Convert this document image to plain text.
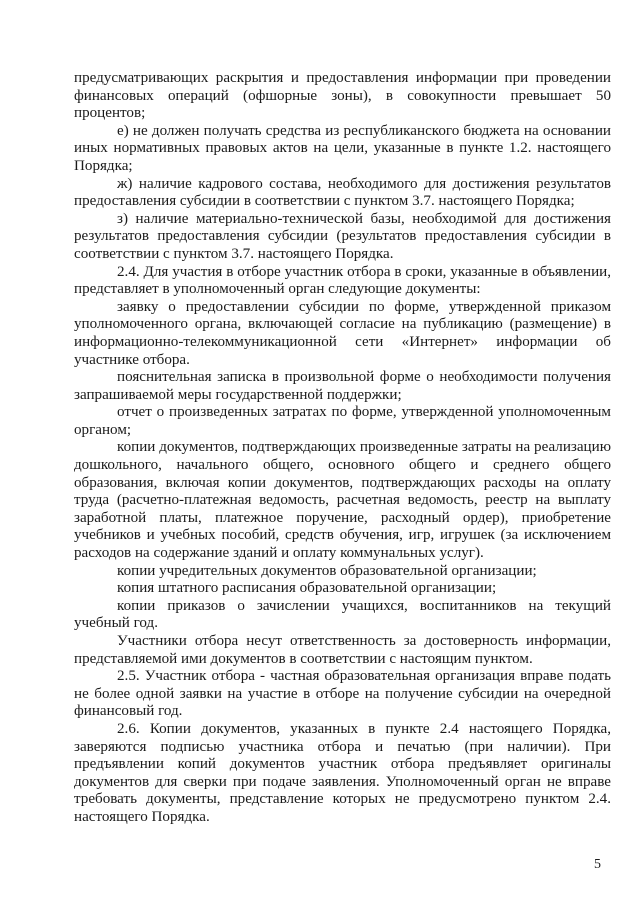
предусматривающих раскрытия и предоставления информации при проведении финансовых операций (офшорные зоны), в совокупности превышает 50 процентов;

е) не должен получать средства из республиканского бюджета на основании иных нормативных правовых актов на цели, указанные в пункте 1.2. настоящего Порядка;

ж) наличие кадрового состава, необходимого для достижения результатов предоставления субсидии в соответствии с пунктом 3.7. настоящего Порядка;

з) наличие материально-технической базы, необходимой для достижения результатов предоставления субсидии (результатов предоставления субсидии в соответствии с пунктом 3.7. настоящего Порядка.

2.4. Для участия в отборе участник отбора в сроки, указанные в объявлении, представляет в уполномоченный орган следующие документы:

заявку о предоставлении субсидии по форме, утвержденной приказом уполномоченного органа, включающей согласие на публикацию (размещение) в информационно-телекоммуникационной сети «Интернет» информации об участнике отбора.

пояснительная записка в произвольной форме о необходимости получения запрашиваемой меры государственной поддержки;

отчет о произведенных затратах по форме, утвержденной уполномоченным органом;

копии документов, подтверждающих произведенные затраты на реализацию дошкольного, начального общего, основного общего и среднего общего образования, включая копии документов, подтверждающих расходы на оплату труда (расчетно-платежная ведомость, расчетная ведомость, реестр на выплату заработной платы, платежное поручение, расходный ордер), приобретение учебников и учебных пособий, средств обучения, игр, игрушек (за исключением расходов на содержание зданий и оплату коммунальных услуг).

копии учредительных документов образовательной организации;

копия штатного расписания образовательной организации;

копии приказов о зачислении учащихся, воспитанников на текущий учебный год.

Участники отбора несут ответственность за достоверность информации, представляемой ими документов в соответствии с настоящим пунктом.

2.5. Участник отбора - частная образовательная организация вправе подать не более одной заявки на участие в отборе на получение субсидии на очередной финансовый год.

2.6. Копии документов, указанных в пункте 2.4 настоящего Порядка, заверяются подписью участника отбора и печатью (при наличии). При предъявлении копий документов участник отбора предъявляет оригиналы документов для сверки при подаче заявления. Уполномоченный орган не вправе требовать документы, представление которых не предусмотрено пунктом 2.4. настоящего Порядка.

5
